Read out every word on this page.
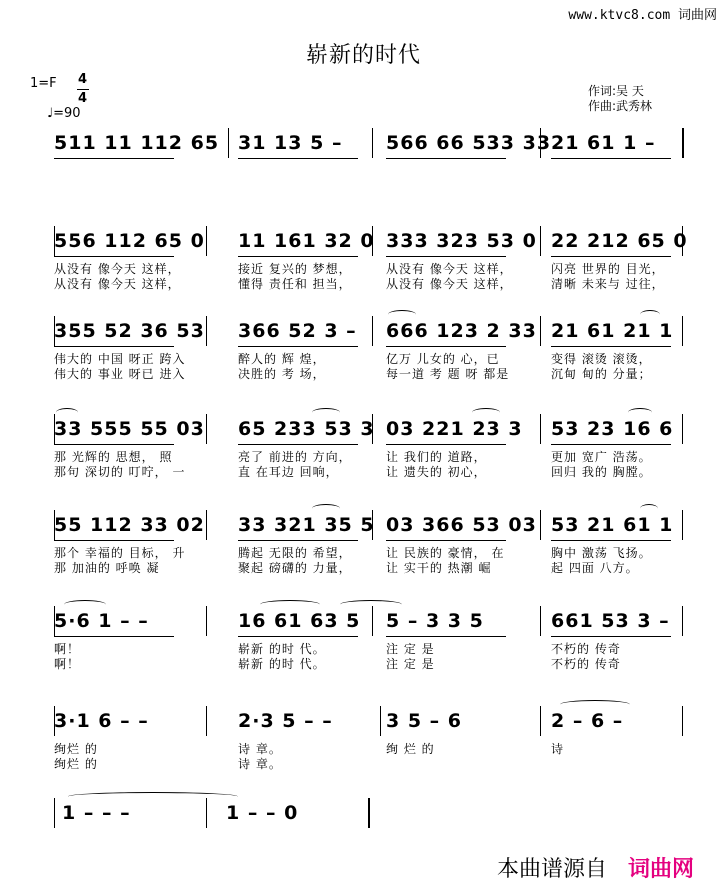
www.ktvc8.com 词曲网
崭新的时代
1=F 4
4
♩=90
作词:吴 天
作曲:武秀林
511 11 112 65 31 13 5 – 566 66 533 33 21 61 1 –
556 112 65 0
从没有 像今天 这样，
从没有 像今天 这样，
11 161 32 0
接近 复兴的 梦想，
懂得 责任和 担当，
333 323 53 0
从没有 像今天 这样，
从没有 像今天 这样，
22 212 65 0
闪亮 世界的 目光，
清晰 未来与 过往，
355 52 36 53
伟大的 中国 呀正 跨入
伟大的 事业 呀已 进入
366 52 3 –
醉人的 辉 煌，
决胜的 考 场，
666 123 2 33
亿万 儿女的 心，已
每一道 考 题 呀 都是
21 61 21 1
变得 滚烫 滚烫，
沉甸 甸的 分量；
33 555 55 03
那 光辉的 思想， 照
那句 深切的 叮咛， 一
65 233 53 3
亮了 前进的 方向，
直 在耳边 回响，
03 221 23 3
让 我们的 道路，
让 遗失的 初心，
53 23 16 6
更加 宽广 浩荡。
回归 我的 胸膛。
55 112 33 02
那个 幸福的 目标， 升
那 加油的 呼唤 凝
33 321 35 5
腾起 无限的 希望，
聚起 磅礴的 力量，
03 366 53 03
让 民族的 豪情， 在
让 实干的 热潮 崛
53 21 61 1
胸中 激荡 飞扬。
起 四面 八方。
5·6 1 – –
啊！
啊！
16 61 63 5
崭新 的时 代。
崭新 的时 代。
5 – 3 3 5
注 定 是
注 定 是
661 53 3 –
不朽的 传奇
不朽的 传奇
3·1 6 – –
绚烂 的
绚烂 的
2·3 5 – –
诗 章。
诗 章。
3 5 – 6
绚 烂 的
2 – 6 –
诗
1 – – –	1 – – 0
本曲谱源自 词曲网
